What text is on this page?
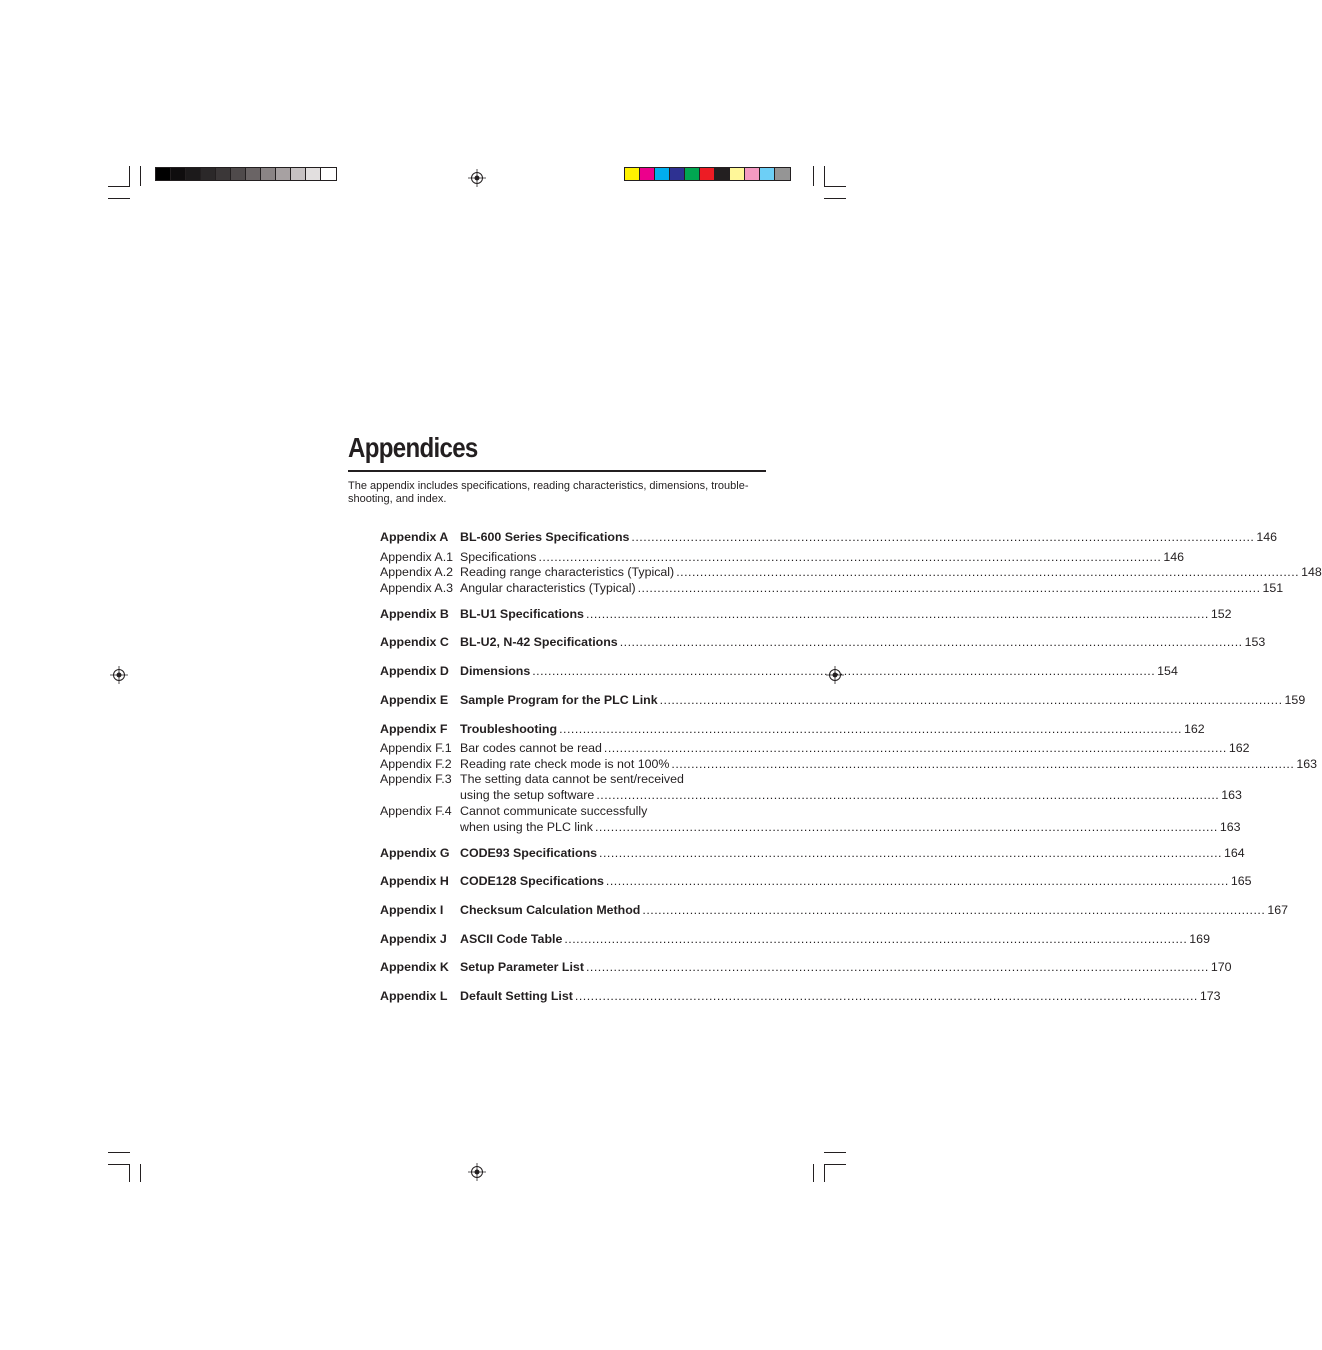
Appendices
The appendix includes specifications, reading characteristics, dimensions, trouble-shooting, and index.
Appendix A BL-600 Series Specifications .............................................................................................................................................................. 146
Appendix A.1 Specifications .............................................................................................................................................................. 146
Appendix A.2 Reading range characteristics (Typical) .............................................................................................................................................................. 148
Appendix A.3 Angular characteristics (Typical) .............................................................................................................................................................. 151
Appendix B BL-U1 Specifications .............................................................................................................................................................. 152
Appendix C BL-U2, N-42 Specifications .............................................................................................................................................................. 153
Appendix D Dimensions .............................................................................................................................................................. 154
Appendix E Sample Program for the PLC Link .............................................................................................................................................................. 159
Appendix F Troubleshooting .............................................................................................................................................................. 162
Appendix F.1 Bar codes cannot be read .............................................................................................................................................................. 162
Appendix F.2 Reading rate check mode is not 100% .............................................................................................................................................................. 163
Appendix F.3 The setting data cannot be sent/received
using the setup software .............................................................................................................................................................. 163
Appendix F.4 Cannot communicate successfully
when using the PLC link .............................................................................................................................................................. 163
Appendix G CODE93 Specifications .............................................................................................................................................................. 164
Appendix H CODE128 Specifications .............................................................................................................................................................. 165
Appendix I Checksum Calculation Method .............................................................................................................................................................. 167
Appendix J ASCII Code Table .............................................................................................................................................................. 169
Appendix K Setup Parameter List .............................................................................................................................................................. 170
Appendix L Default Setting List .............................................................................................................................................................. 173
